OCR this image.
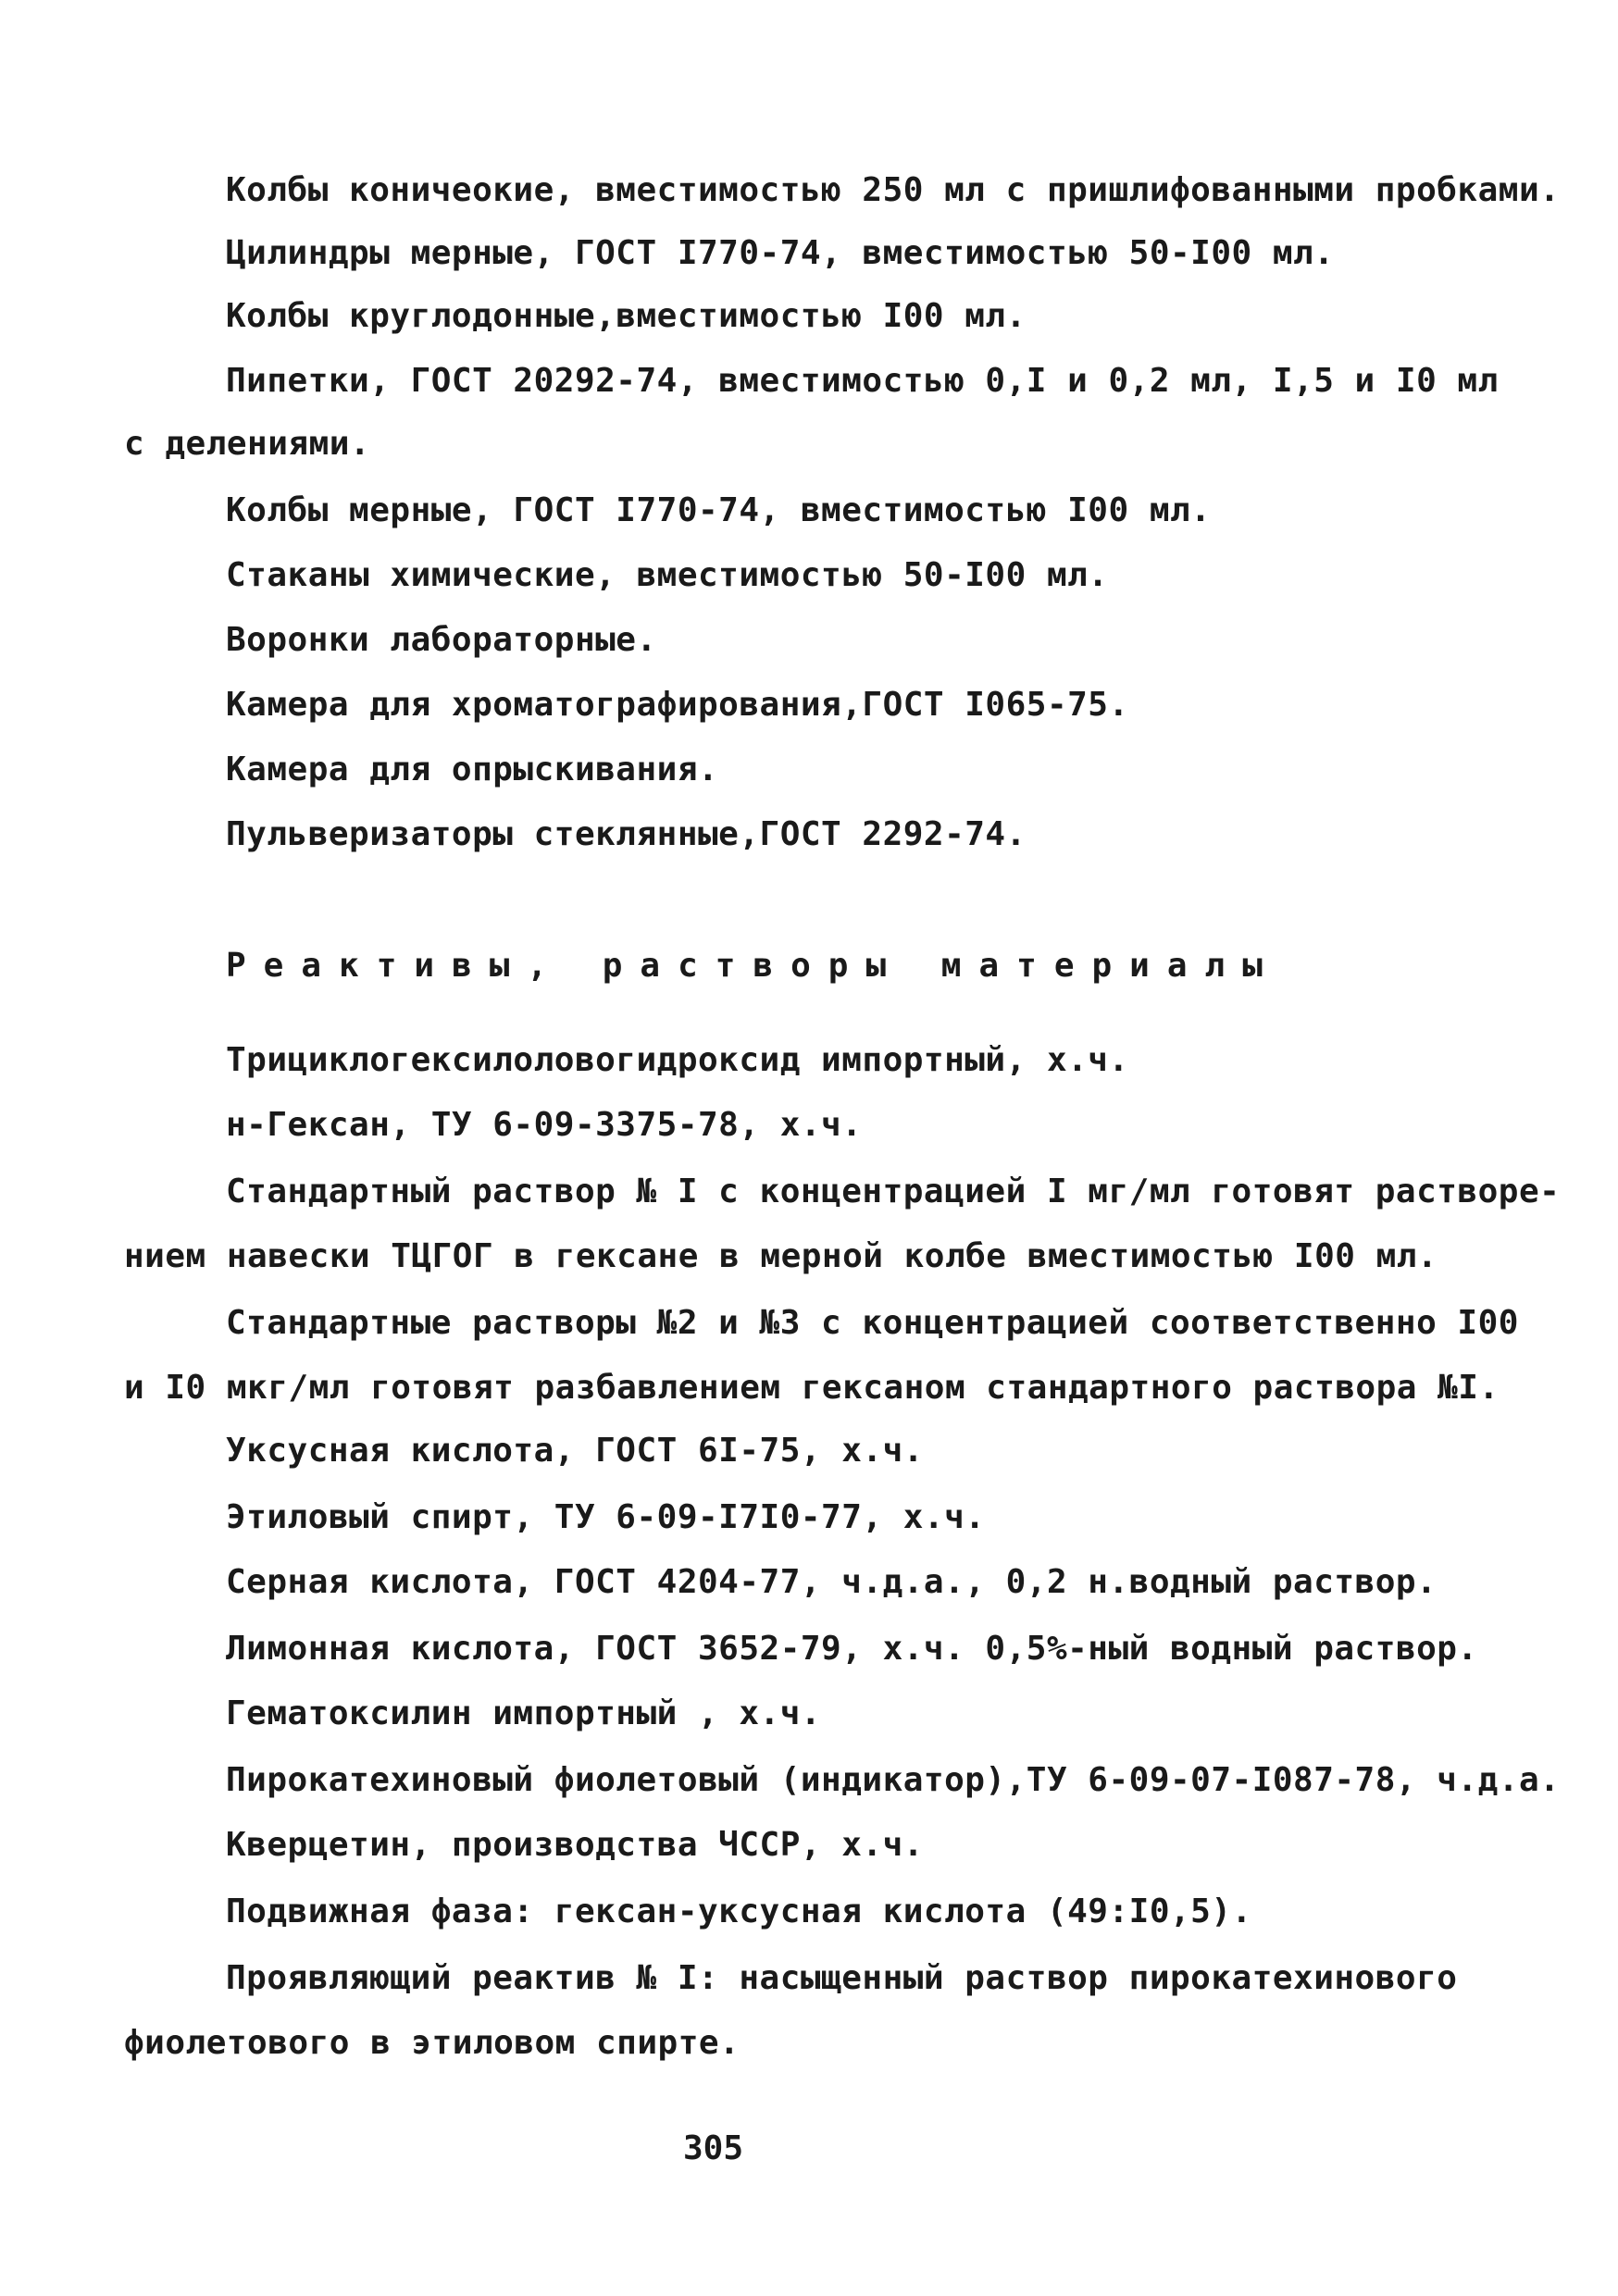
Колбы коничеокие, вместимостью 250 мл с пришлифованными пробками.
Цилиндры мерные, ГОСТ I770-74, вместимостью 50-I00 мл.
Колбы круглодонные,вместимостью I00 мл.
Пипетки, ГОСТ 20292-74, вместимостью 0,I и 0,2 мл, I,5 и I0 мл
с делениями.
Колбы мерные, ГОСТ I770-74, вместимостью I00 мл.
Стаканы химические, вместимостью 50-I00 мл.
Воронки лабораторные.
Камера для хроматографирования,ГОСТ I065-75.
Камера для опрыскивания.
Пульверизаторы стеклянные,ГОСТ 2292-74.
Реактивы, растворы материалы
Трициклогексилоловогидроксид импортный, х.ч.
н-Гексан, ТУ 6-09-3375-78, х.ч.
Стандартный раствор № I с концентрацией I мг/мл готовят растворе-
нием навески ТЦГОГ в гексане в мерной колбе вместимостью I00 мл.
Стандартные растворы №2 и №3 с концентрацией соответственно I00
и I0 мкг/мл готовят разбавлением гексаном стандартного раствора №I.
Уксусная кислота, ГОСТ 6I-75, х.ч.
Этиловый спирт, ТУ 6-09-I7I0-77, х.ч.
Серная кислота, ГОСТ 4204-77, ч.д.а., 0,2 н.водный раствор.
Лимонная кислота, ГОСТ 3652-79, х.ч. 0,5%-ный водный раствор.
Гематоксилин импортный , х.ч.
Пирокатехиновый фиолетовый (индикатор),ТУ 6-09-07-I087-78, ч.д.а.
Кверцетин, производства ЧССР, х.ч.
Подвижная фаза: гексан-уксусная кислота (49:I0,5).
Проявляющий реактив № I: насыщенный раствор пирокатехинового
фиолетового в этиловом спирте.
305
